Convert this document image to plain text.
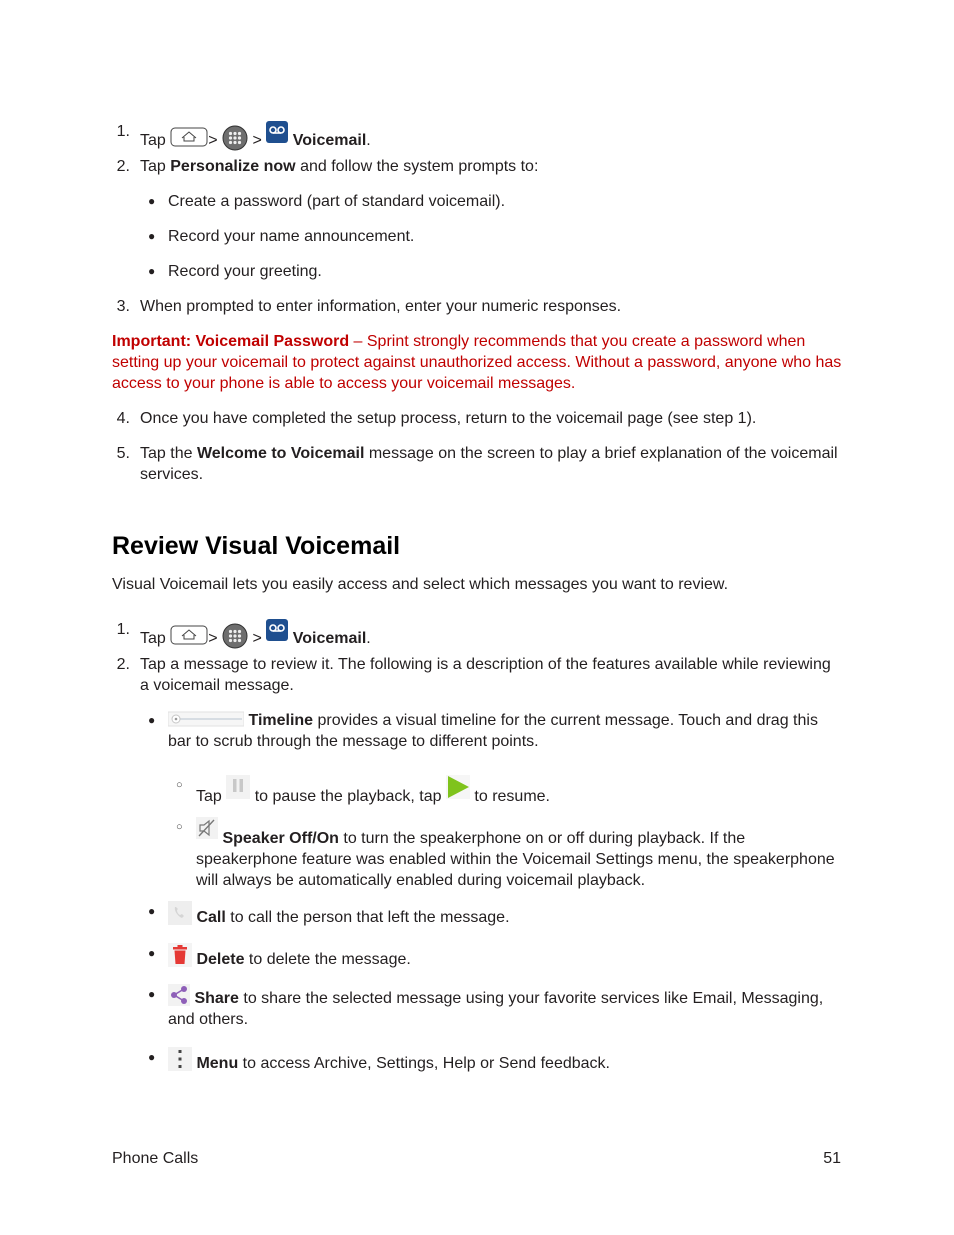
1.
Tap	> > Voicemail.
2. Tap Personalize now and follow the system prompts to:
● Create a password (part of standard voicemail).
● Record your name announcement.
● Record your greeting.
3. When prompted to enter information, enter your numeric responses.
Important: Voicemail Password – Sprint strongly recommends that you create a password when setting up your voicemail to protect against unauthorized access. Without a password, anyone who has access to your phone is able to access your voicemail messages.
4. Once you have completed the setup process, return to the voicemail page (see step 1).
5. Tap the Welcome to Voicemail message on the screen to play a brief explanation of the voicemail services.
Review Visual Voicemail
Visual Voicemail lets you easily access and select which messages you want to review.
1.
Tap	> > Voicemail.
2. Tap a message to review it. The following is a description of the features available while reviewing a voicemail message.
●	Timeline provides a visual timeline for the current message. Touch and drag this bar to scrub through the message to different points.
○
Tap  to pause the playback, tap  to resume.
○
Speaker Off/On to turn the speakerphone on or off during playback. If the speakerphone feature was enabled within the Voicemail Settings menu, the speakerphone will always be automatically enabled during voicemail playback.
●	Call to call the person that left the message.
●	Delete to delete the message.
●	Share to share the selected message using your favorite services like Email, Messaging, and others.
●	Menu to access Archive, Settings, Help or Send feedback.
Phone Calls	51
